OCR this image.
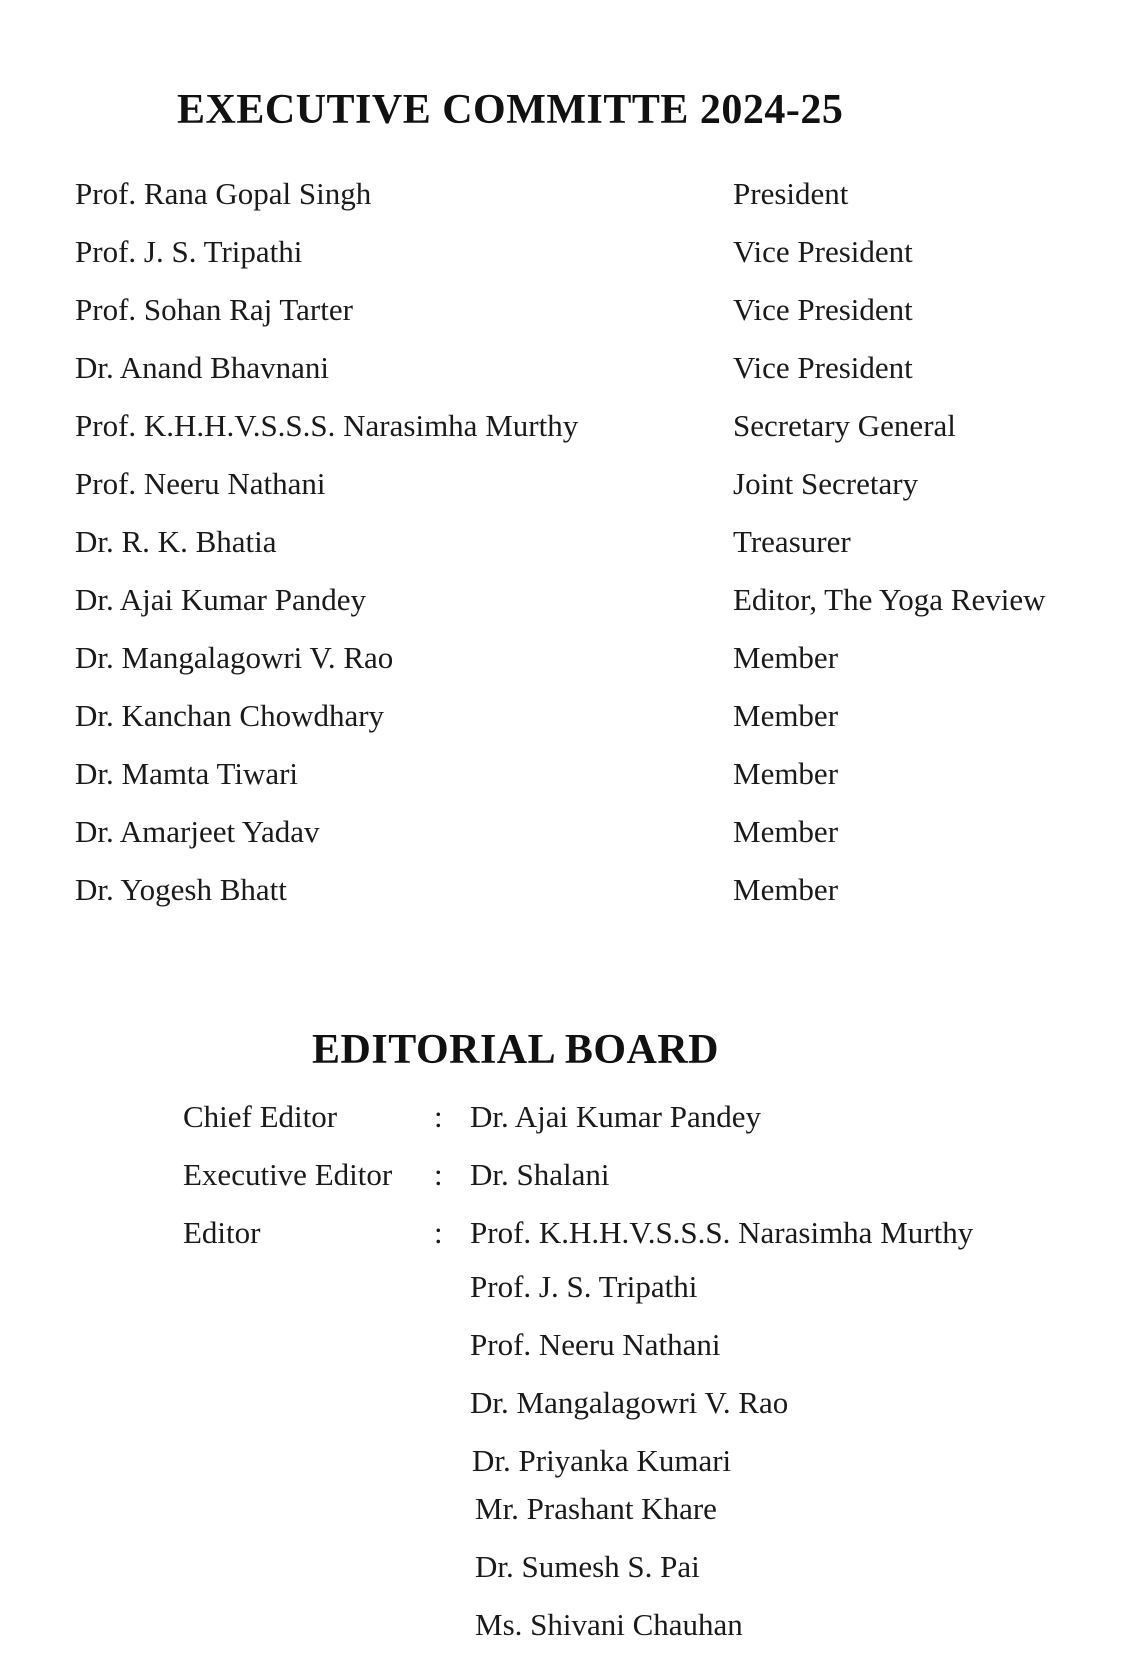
EXECUTIVE COMMITTE 2024-25
Prof. Rana Gopal Singh	President
Prof. J. S. Tripathi	Vice President
Prof. Sohan Raj Tarter	Vice President
Dr. Anand Bhavnani	Vice President
Prof. K.H.H.V.S.S.S. Narasimha Murthy	Secretary General
Prof. Neeru Nathani	Joint Secretary
Dr. R. K. Bhatia	Treasurer
Dr. Ajai Kumar Pandey	Editor, The Yoga Review
Dr. Mangalagowri V. Rao	Member
Dr. Kanchan Chowdhary	Member
Dr. Mamta Tiwari	Member
Dr. Amarjeet Yadav	Member
Dr. Yogesh Bhatt	Member
EDITORIAL BOARD
Chief Editor	: Dr. Ajai Kumar Pandey
Executive Editor : Dr. Shalani
Editor	: Prof. K.H.H.V.S.S.S. Narasimha Murthy
Prof. J. S. Tripathi
Prof. Neeru Nathani
Dr. Mangalagowri V. Rao
Dr. Priyanka Kumari
Mr. Prashant Khare
Dr. Sumesh S. Pai
Ms. Shivani Chauhan
